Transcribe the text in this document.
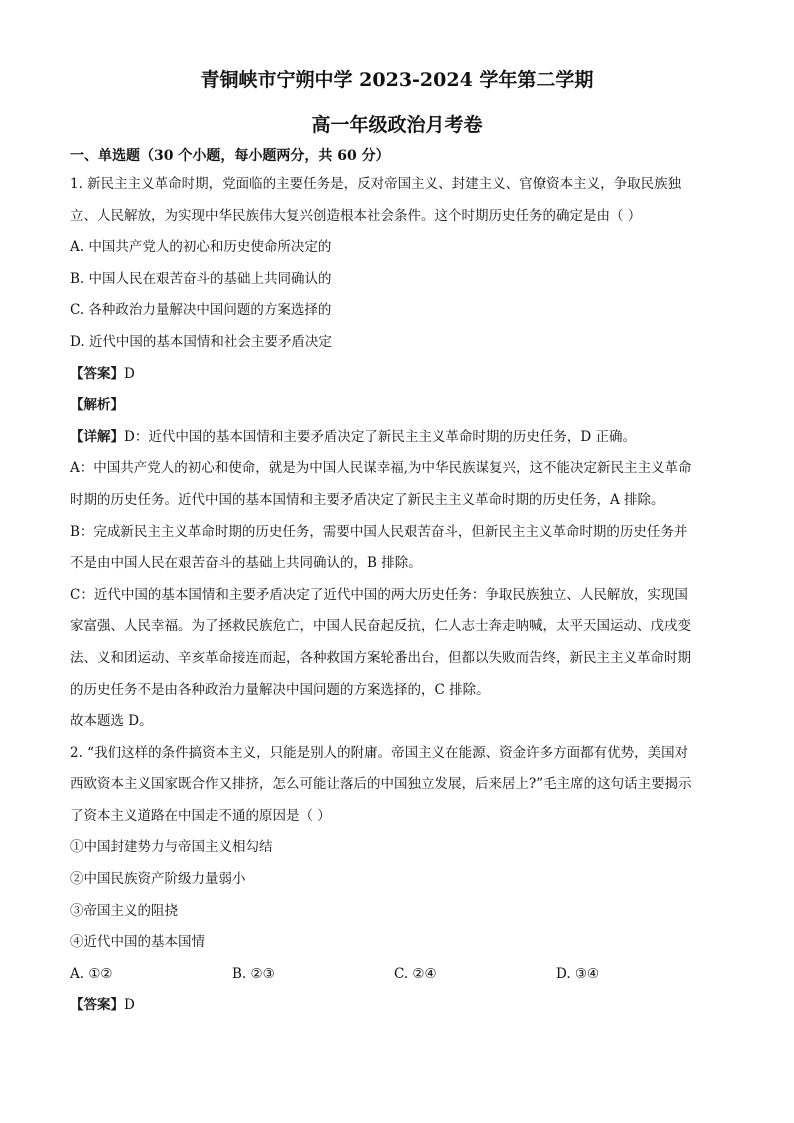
青铜峡市宁朔中学 2023-2024 学年第二学期
高一年级政治月考卷
一、单选题（30 个小题，每小题两分，共 60 分）
1. 新民主主义革命时期，党面临的主要任务是，反对帝国主义、封建主义、官僚资本主义，争取民族独
立、人民解放，为实现中华民族伟大复兴创造根本社会条件。这个时期历史任务的确定是由（ ）
A. 中国共产党人的初心和历史使命所决定的
B. 中国人民在艰苦奋斗的基础上共同确认的
C. 各种政治力量解决中国问题的方案选择的
D. 近代中国的基本国情和社会主要矛盾决定
【答案】D
【解析】
【详解】D：近代中国的基本国情和主要矛盾决定了新民主主义革命时期的历史任务，D 正确。
A：中国共产党人的初心和使命，就是为中国人民谋幸福,为中华民族谋复兴，这不能决定新民主主义革命
时期的历史任务。近代中国的基本国情和主要矛盾决定了新民主主义革命时期的历史任务，A 排除。
B：完成新民主主义革命时期的历史任务，需要中国人民艰苦奋斗，但新民主主义革命时期的历史任务并
不是由中国人民在艰苦奋斗的基础上共同确认的，B 排除。
C：近代中国的基本国情和主要矛盾决定了近代中国的两大历史任务：争取民族独立、人民解放，实现国
家富强、人民幸福。为了拯救民族危亡，中国人民奋起反抗，仁人志士奔走呐喊，太平天国运动、戊戌变
法、义和团运动、辛亥革命接连而起，各种救国方案轮番出台，但都以失败而告终，新民主主义革命时期
的历史任务不是由各种政治力量解决中国问题的方案选择的，C 排除。
故本题选 D。
2. “我们这样的条件搞资本主义，只能是别人的附庸。帝国主义在能源、资金许多方面都有优势，美国对
西欧资本主义国家既合作又排挤，怎么可能让落后的中国独立发展，后来居上?”毛主席的这句话主要揭示
了资本主义道路在中国走不通的原因是（ ）
①中国封建势力与帝国主义相勾结
②中国民族资产阶级力量弱小
③帝国主义的阻挠
④近代中国的基本国情
A. ①②	B. ②③	C. ②④	D. ③④
【答案】D
